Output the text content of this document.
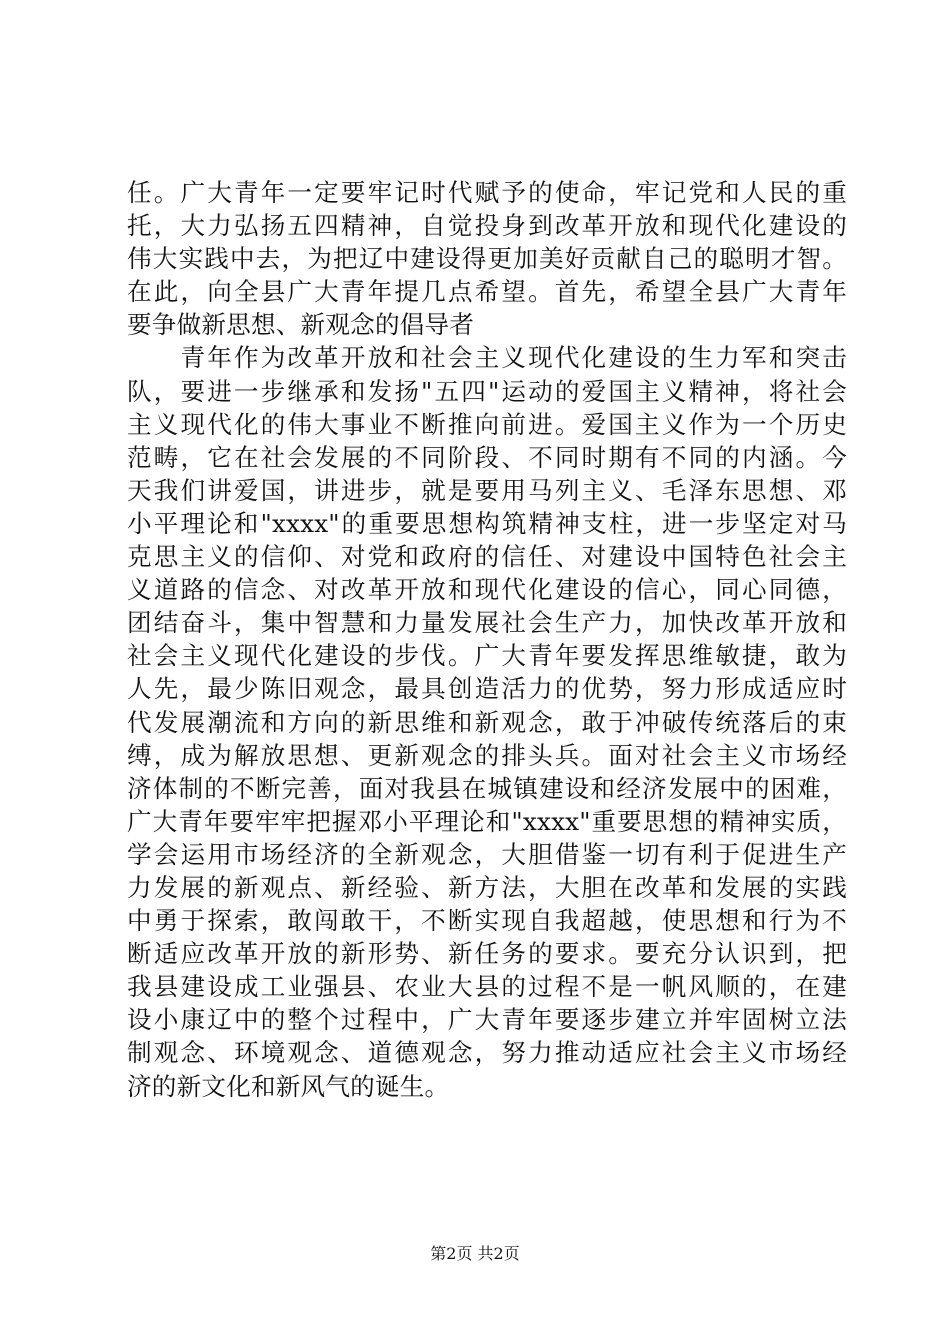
任。广大青年一定要牢记时代赋予的使命，牢记党和人民的重
托，大力弘扬五四精神，自觉投身到改革开放和现代化建设的
伟大实践中去，为把辽中建设得更加美好贡献自己的聪明才智。
在此，向全县广大青年提几点希望。首先，希望全县广大青年
要争做新思想、新观念的倡导者
　　青年作为改革开放和社会主义现代化建设的生力军和突击
队，要进一步继承和发扬"五四"运动的爱国主义精神，将社会
主义现代化的伟大事业不断推向前进。爱国主义作为一个历史
范畴，它在社会发展的不同阶段、不同时期有不同的内涵。今
天我们讲爱国，讲进步，就是要用马列主义、毛泽东思想、邓
小平理论和"xxxx"的重要思想构筑精神支柱，进一步坚定对马
克思主义的信仰、对党和政府的信任、对建设中国特色社会主
义道路的信念、对改革开放和现代化建设的信心，同心同德，
团结奋斗，集中智慧和力量发展社会生产力，加快改革开放和
社会主义现代化建设的步伐。广大青年要发挥思维敏捷，敢为
人先，最少陈旧观念，最具创造活力的优势，努力形成适应时
代发展潮流和方向的新思维和新观念，敢于冲破传统落后的束
缚，成为解放思想、更新观念的排头兵。面对社会主义市场经
济体制的不断完善，面对我县在城镇建设和经济发展中的困难，
广大青年要牢牢把握邓小平理论和"xxxx"重要思想的精神实质，
学会运用市场经济的全新观念，大胆借鉴一切有利于促进生产
力发展的新观点、新经验、新方法，大胆在改革和发展的实践
中勇于探索，敢闯敢干，不断实现自我超越，使思想和行为不
断适应改革开放的新形势、新任务的要求。要充分认识到，把
我县建设成工业强县、农业大县的过程不是一帆风顺的，在建
设小康辽中的整个过程中，广大青年要逐步建立并牢固树立法
制观念、环境观念、道德观念，努力推动适应社会主义市场经
济的新文化和新风气的诞生。
第2页 共2页
